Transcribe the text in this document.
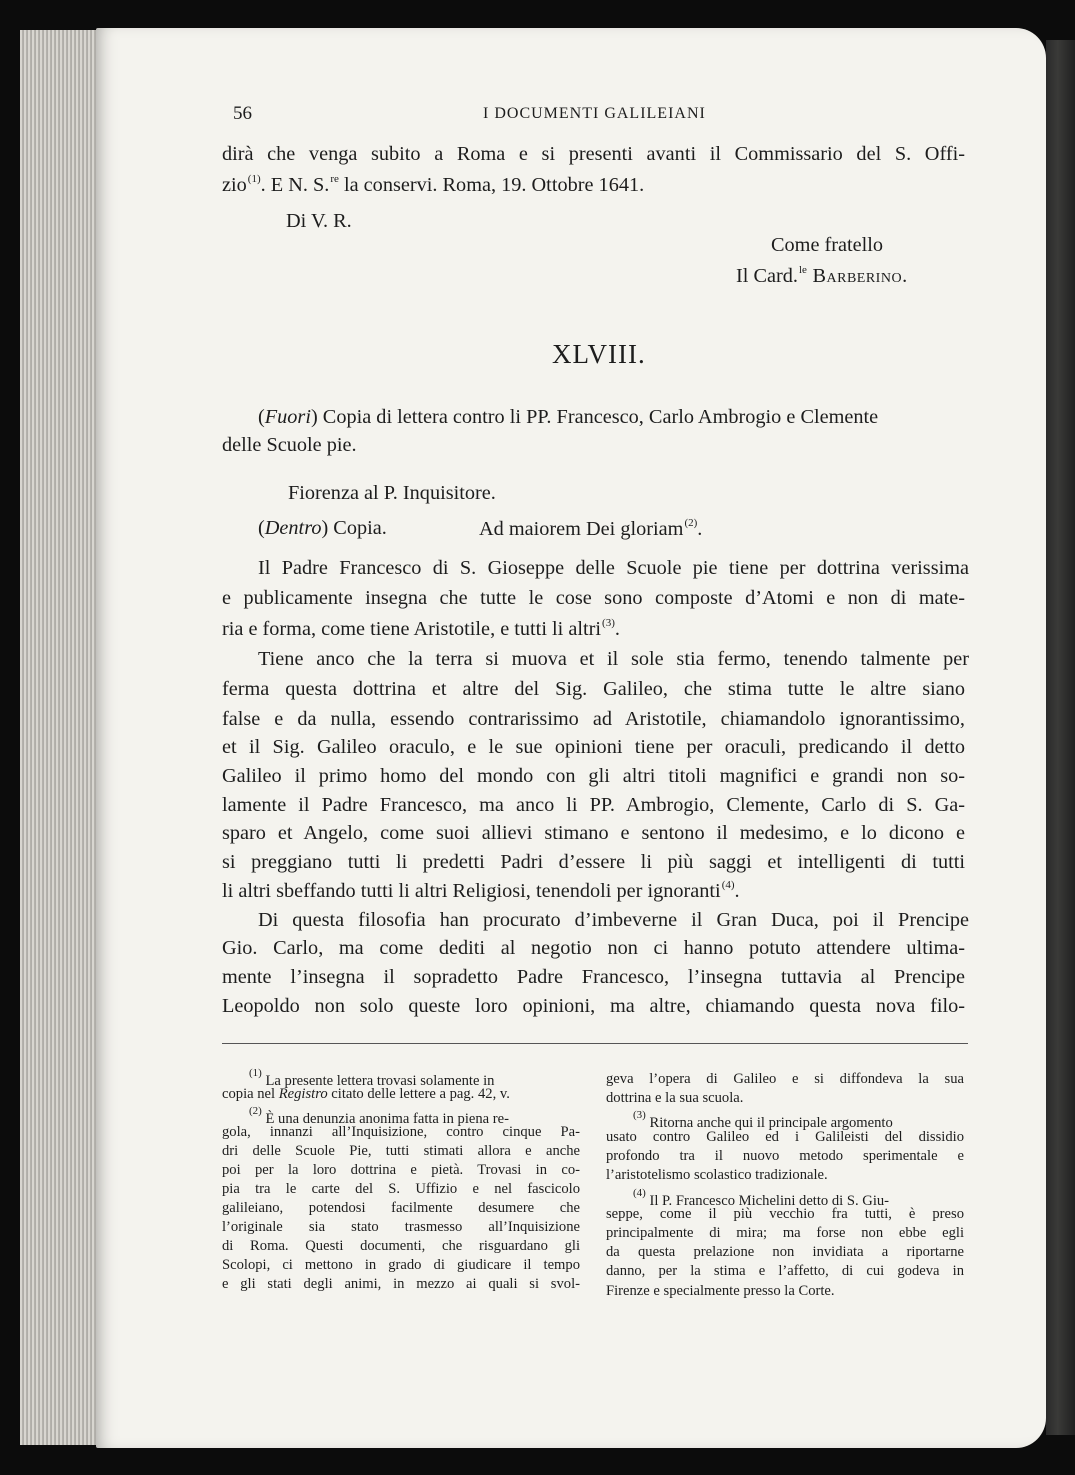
56	I DOCUMENTI GALILEIANI
dirà che venga subito a Roma e si presenti avanti il Commissario del S. Offi-
zio$^{(1)}$. E N. S.$^{re}$ la conservi. Roma, 19. Ottobre 1641.
Di V. R.
Come fratello
Il Card.$^{le}$ Barberino.
XLVIII.
(Fuori) Copia di lettera contro li PP. Francesco, Carlo Ambrogio e Clemente
delle Scuole pie.
Fiorenza al P. Inquisitore.
(Dentro) Copia.	Ad maiorem Dei gloriam$^{(2)}$.
Il Padre Francesco di S. Gioseppe delle Scuole pie tiene per dottrina verissima
e publicamente insegna che tutte le cose sono composte d’Atomi e non di mate-
ria e forma, come tiene Aristotile, e tutti li altri$^{(3)}$.
Tiene anco che la terra si muova et il sole stia fermo, tenendo talmente per
ferma questa dottrina et altre del Sig. Galileo, che stima tutte le altre siano
false e da nulla, essendo contrarissimo ad Aristotile, chiamandolo ignorantissimo,
et il Sig. Galileo oraculo, e le sue opinioni tiene per oraculi, predicando il detto
Galileo il primo homo del mondo con gli altri titoli magnifici e grandi non so-
lamente il Padre Francesco, ma anco li PP. Ambrogio, Clemente, Carlo di S. Ga-
sparo et Angelo, come suoi allievi stimano e sentono il medesimo, e lo dicono e
si preggiano tutti li predetti Padri d’essere li più saggi et intelligenti di tutti
li altri sbeffando tutti li altri Religiosi, tenendoli per ignoranti$^{(4)}$.
Di questa filosofia han procurato d’imbeverne il Gran Duca, poi il Prencipe
Gio. Carlo, ma come dediti al negotio non ci hanno potuto attendere ultima-
mente l’insegna il sopradetto Padre Francesco, l’insegna tuttavia al Prencipe
Leopoldo non solo queste loro opinioni, ma altre, chiamando questa nova filo-
$^{(1)}$ La presente lettera trovasi solamente in
copia nel Registro citato delle lettere a pag. 42, v.
$^{(2)}$ È una denunzia anonima fatta in piena re-
gola, innanzi all’Inquisizione, contro cinque Pa-
dri delle Scuole Pie, tutti stimati allora e anche
poi per la loro dottrina e pietà. Trovasi in co-
pia tra le carte del S. Uffizio e nel fascicolo
galileiano, potendosi facilmente desumere che
l’originale sia stato trasmesso all’Inquisizione
di Roma. Questi documenti, che risguardano gli
Scolopi, ci mettono in grado di giudicare il tempo
e gli stati degli animi, in mezzo ai quali si svol-
geva l’opera di Galileo e si diffondeva la sua
dottrina e la sua scuola.
$^{(3)}$ Ritorna anche qui il principale argomento
usato contro Galileo ed i Galileisti del dissidio
profondo tra il nuovo metodo sperimentale e
l’aristotelismo scolastico tradizionale.
$^{(4)}$ Il P. Francesco Michelini detto di S. Giu-
seppe, come il più vecchio fra tutti, è preso
principalmente di mira; ma forse non ebbe egli
da questa prelazione non invidiata a riportarne
danno, per la stima e l’affetto, di cui godeva in
Firenze e specialmente presso la Corte.
